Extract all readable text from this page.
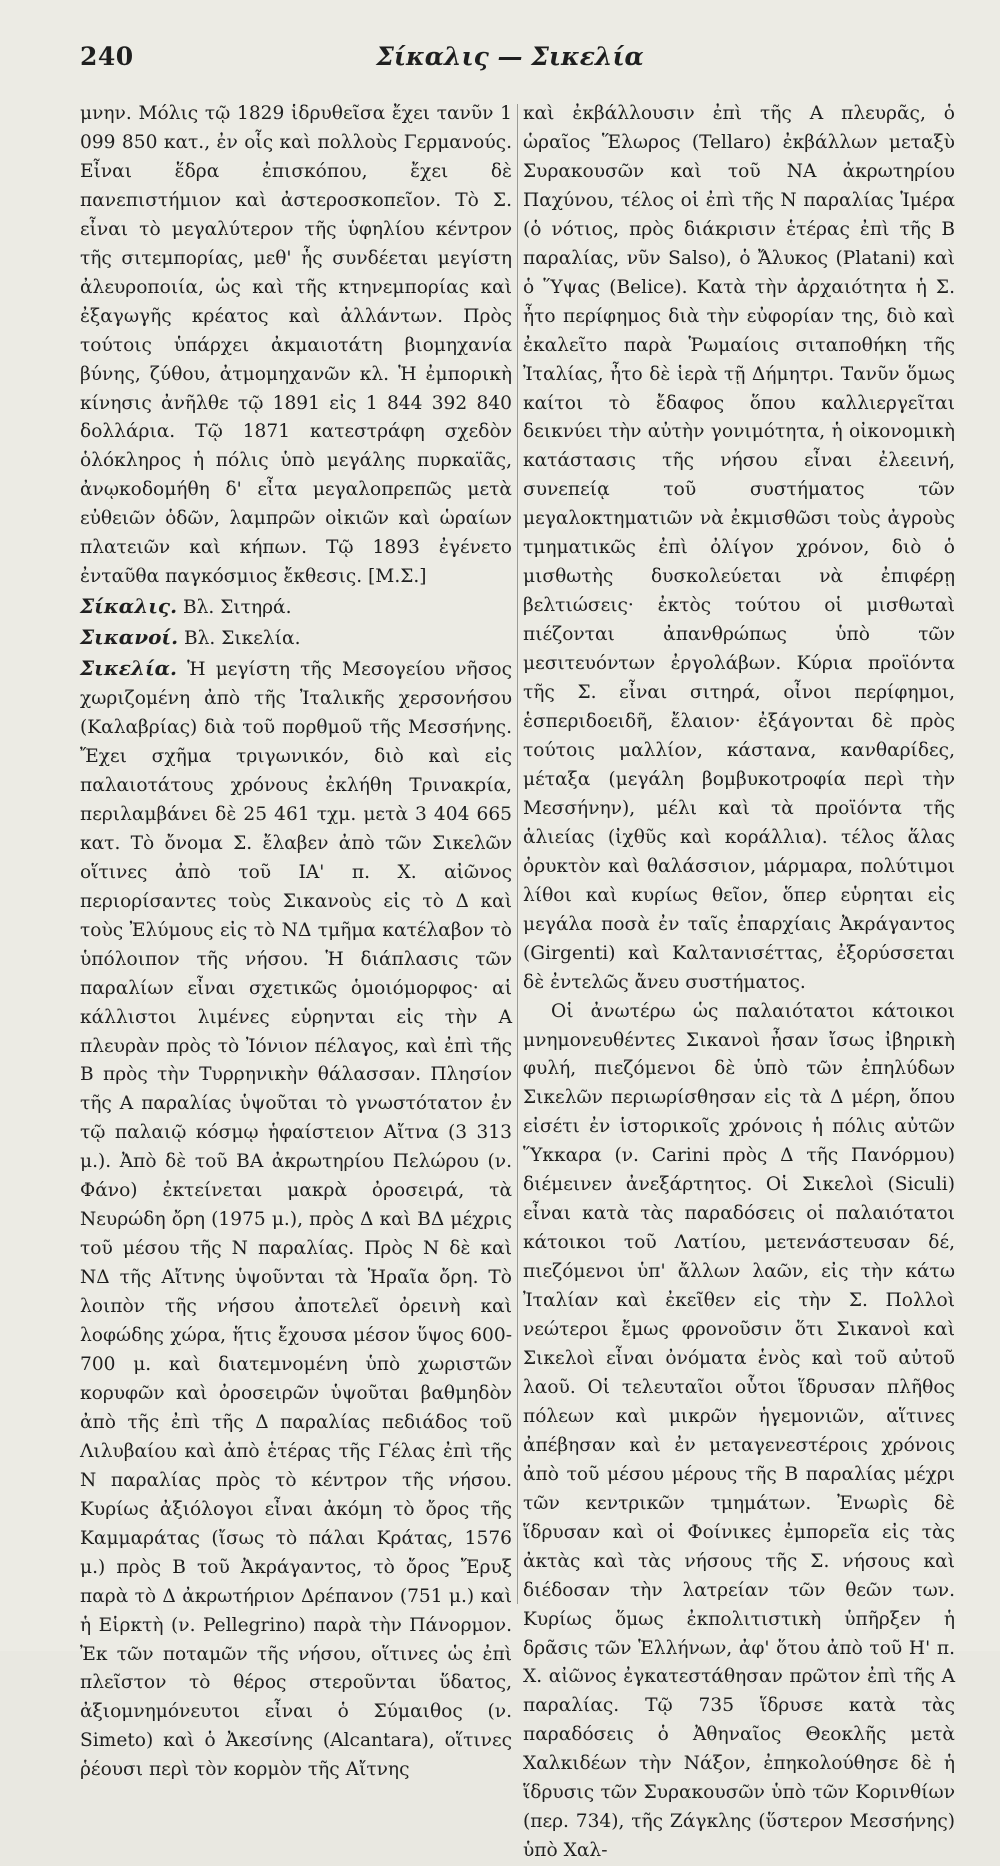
240	Σίκαλις — Σικελία

μνην. Μόλις τῷ 1829 ἱδρυθεῖσα ἔχει τανῦν 1 099 850 κατ., ἐν οἷς καὶ πολλοὺς Γερμανούς. Εἶναι ἕδρα ἐπισκόπου, ἔχει δὲ πανεπιστήμιον καὶ ἀστεροσκοπεῖον. Τὸ Σ. εἶναι τὸ μεγαλύτερον τῆς ὑφηλίου κέντρον τῆς σιτεμπορίας, μεθ' ἧς συνδέεται μεγίστη ἀλευροποιία, ὡς καὶ τῆς κτηνεμπορίας καὶ ἐξαγωγῆς κρέατος καὶ ἀλλάντων. Πρὸς τούτοις ὑπάρχει ἀκμαιοτάτη βιομηχανία βύνης, ζύθου, ἀτμομηχανῶν κλ. Ἡ ἐμπορικὴ κίνησις ἀνῆλθε τῷ 1891 εἰς 1 844 392 840 δολλάρια. Τῷ 1871 κατεστράφη σχεδὸν ὁλόκληρος ἡ πόλις ὑπὸ μεγάλης πυρκαϊᾶς, ἀνῳκοδομήθη δ' εἶτα μεγαλοπρεπῶς μετὰ εὐθειῶν ὁδῶν, λαμπρῶν οἰκιῶν καὶ ὡραίων πλατειῶν καὶ κήπων. Τῷ 1893 ἐγένετο ἐνταῦθα παγκόσμιος ἔκθεσις. [Μ.Σ.]

Σίκαλις. Βλ. Σιτηρά.

Σικανοί. Βλ. Σικελία.

Σικελία. Ἡ μεγίστη τῆς Μεσογείου νῆσος χωριζομένη ἀπὸ τῆς Ἰταλικῆς χερσονήσου (Καλαβρίας) διὰ τοῦ πορθμοῦ τῆς Μεσσήνης. Ἔχει σχῆμα τριγωνικόν, διὸ καὶ εἰς παλαιοτάτους χρόνους ἐκλήθη Τρινακρία, περιλαμβάνει δὲ 25 461 τχμ. μετὰ 3 404 665 κατ. Τὸ ὄνομα Σ. ἔλαβεν ἀπὸ τῶν Σικελῶν οἵτινες ἀπὸ τοῦ ΙΑ' π. Χ. αἰῶνος περιορίσαντες τοὺς Σικανοὺς εἰς τὸ Δ καὶ τοὺς Ἐλύμους εἰς τὸ ΝΔ τμῆμα κατέλαβον τὸ ὑπόλοιπον τῆς νήσου. Ἡ διάπλασις τῶν παραλίων εἶναι σχετικῶς ὁμοιόμορφος· αἱ κάλλιστοι λιμένες εὑρηνται εἰς τὴν Α πλευρὰν πρὸς τὸ Ἰόνιον πέλαγος, καὶ ἐπὶ τῆς Β πρὸς τὴν Τυρρηνικὴν θάλασσαν. Πλησίον τῆς Α παραλίας ὑψοῦται τὸ γνωστότατον ἐν τῷ παλαιῷ κόσμῳ ἡφαίστειον Αἴτνα (3 313 μ.). Ἀπὸ δὲ τοῦ ΒΑ ἀκρωτηρίου Πελώρου (ν. Φάνο) ἐκτείνεται μακρὰ ὀροσειρά, τὰ Νευρώδη ὄρη (1975 μ.), πρὸς Δ καὶ ΒΔ μέχρις τοῦ μέσου τῆς Ν παραλίας. Πρὸς Ν δὲ καὶ ΝΔ τῆς Αἴτνης ὑψοῦνται τὰ Ἡραῖα ὄρη. Τὸ λοιπὸν τῆς νήσου ἀποτελεῖ ὀρεινὴ καὶ λοφώδης χώρα, ἥτις ἔχουσα μέσον ὕψος 600-700 μ. καὶ διατεμνομένη ὑπὸ χωριστῶν κορυφῶν καὶ ὀροσειρῶν ὑψοῦται βαθμηδὸν ἀπὸ τῆς ἐπὶ τῆς Δ παραλίας πεδιάδος τοῦ Λιλυβαίου καὶ ἀπὸ ἑτέρας τῆς Γέλας ἐπὶ τῆς Ν παραλίας πρὸς τὸ κέντρον τῆς νήσου. Κυρίως ἀξιόλογοι εἶναι ἀκόμη τὸ ὄρος τῆς Καμμαράτας (ἴσως τὸ πάλαι Κράτας, 1576 μ.) πρὸς Β τοῦ Ἀκράγαντος, τὸ ὄρος Ἔρυξ παρὰ τὸ Δ ἀκρωτήριον Δρέπανον (751 μ.) καὶ ἡ Εἱρκτὴ (ν. Pellegrino) παρὰ τὴν Πάνορμον. Ἐκ τῶν ποταμῶν τῆς νήσου, οἵτινες ὡς ἐπὶ πλεῖστον τὸ θέρος στεροῦνται ὕδατος, ἀξιομνημόνευτοι εἶναι ὁ Σύμαιθος (ν. Simeto) καὶ ὁ Ἀκεσίνης (Alcantara), οἵτινες ῥέουσι περὶ τὸν κορμὸν τῆς Αἴτνης

καὶ ἐκβάλλουσιν ἐπὶ τῆς Α πλευρᾶς, ὁ ὡραῖος Ἕλωρος (Tellaro) ἐκβάλλων μεταξὺ Συρακουσῶν καὶ τοῦ ΝΑ ἀκρωτηρίου Παχύνου, τέλος οἱ ἐπὶ τῆς Ν παραλίας Ἱμέρα (ὁ νότιος, πρὸς διάκρισιν ἑτέρας ἐπὶ τῆς Β παραλίας, νῦν Salso), ὁ Ἄλυκος (Platani) καὶ ὁ Ὕψας (Belice). Κατὰ τὴν ἀρχαιότητα ἡ Σ. ἦτο περίφημος διὰ τὴν εὐφορίαν της, διὸ καὶ ἐκαλεῖτο παρὰ Ῥωμαίοις σιταποθήκη τῆς Ἰταλίας, ἦτο δὲ ἱερὰ τῇ Δήμητρι. Τανῦν ὅμως καίτοι τὸ ἔδαφος ὅπου καλλιεργεῖται δεικνύει τὴν αὐτὴν γονιμότητα, ἡ οἰκονομικὴ κατάστασις τῆς νήσου εἶναι ἐλεεινή, συνεπείᾳ τοῦ συστήματος τῶν μεγαλοκτηματιῶν νὰ ἐκμισθῶσι τοὺς ἀγροὺς τμηματικῶς ἐπὶ ὀλίγον χρόνον, διὸ ὁ μισθωτὴς δυσκολεύεται νὰ ἐπιφέρῃ βελτιώσεις· ἐκτὸς τούτου οἱ μισθωταὶ πιέζονται ἀπανθρώπως ὑπὸ τῶν μεσιτευόντων ἐργολάβων. Κύρια προϊόντα τῆς Σ. εἶναι σιτηρά, οἶνοι περίφημοι, ἑσπεριδοειδῆ, ἔλαιον· ἐξάγονται δὲ πρὸς τούτοις μαλλίον, κάστανα, κανθαρίδες, μέταξα (μεγάλη βομβυκοτροφία περὶ τὴν Μεσσήνην), μέλι καὶ τὰ προϊόντα τῆς ἁλιείας (ἰχθῦς καὶ κοράλλια). τέλος ἅλας ὀρυκτὸν καὶ θαλάσσιον, μάρμαρα, πολύτιμοι λίθοι καὶ κυρίως θεῖον, ὅπερ εὑρηται εἰς μεγάλα ποσὰ ἐν ταῖς ἐπαρχίαις Ἀκράγαντος (Girgenti) καὶ Καλτανισέττας, ἐξορύσσεται δὲ ἐντελῶς ἄνευ συστήματος.

Οἱ ἀνωτέρω ὡς παλαιότατοι κάτοικοι μνημονευθέντες Σικανοὶ ἦσαν ἴσως ἰβηρικὴ φυλή, πιεζόμενοι δὲ ὑπὸ τῶν ἐπηλύδων Σικελῶν περιωρίσθησαν εἰς τὰ Δ μέρη, ὅπου εἰσέτι ἐν ἱστορικοῖς χρόνοις ἡ πόλις αὐτῶν Ὕκκαρα (ν. Carini πρὸς Δ τῆς Πανόρμου) διέμεινεν ἀνεξάρτητος. Οἱ Σικελοὶ (Siculi) εἶναι κατὰ τὰς παραδόσεις οἱ παλαιότατοι κάτοικοι τοῦ Λατίου, μετενάστευσαν δέ, πιεζόμενοι ὑπ' ἄλλων λαῶν, εἰς τὴν κάτω Ἰταλίαν καὶ ἐκεῖθεν εἰς τὴν Σ. Πολλοὶ νεώτεροι ἔμως φρονοῦσιν ὅτι Σικανοὶ καὶ Σικελοὶ εἶναι ὀνόματα ἑνὸς καὶ τοῦ αὐτοῦ λαοῦ. Οἱ τελευταῖοι οὗτοι ἵδρυσαν πλῆθος πόλεων καὶ μικρῶν ἡγεμονιῶν, αἵτινες ἀπέβησαν καὶ ἐν μεταγενεστέροις χρόνοις ἀπὸ τοῦ μέσου μέρους τῆς Β παραλίας μέχρι τῶν κεντρικῶν τμημάτων. Ἐνωρὶς δὲ ἵδρυσαν καὶ οἱ Φοίνικες ἐμπορεῖα εἰς τὰς ἀκτὰς καὶ τὰς νήσους τῆς Σ. νήσους καὶ διέδοσαν τὴν λατρείαν τῶν θεῶν των. Κυρίως ὅμως ἐκπολιτιστικὴ ὑπῆρξεν ἡ δρᾶσις τῶν Ἑλλήνων, ἀφ' ὅτου ἀπὸ τοῦ Η' π. Χ. αἰῶνος ἐγκατεστάθησαν πρῶτον ἐπὶ τῆς Α παραλίας. Τῷ 735 ἵδρυσε κατὰ τὰς παραδόσεις ὁ Ἀθηναῖος Θεοκλῆς μετὰ Χαλκιδέων τὴν Νάξον, ἐπηκολούθησε δὲ ἡ ἵδρυσις τῶν Συρακουσῶν ὑπὸ τῶν Κορινθίων (περ. 734), τῆς Ζάγκλης (ὕστερον Μεσσήνης) ὑπὸ Χαλ-
